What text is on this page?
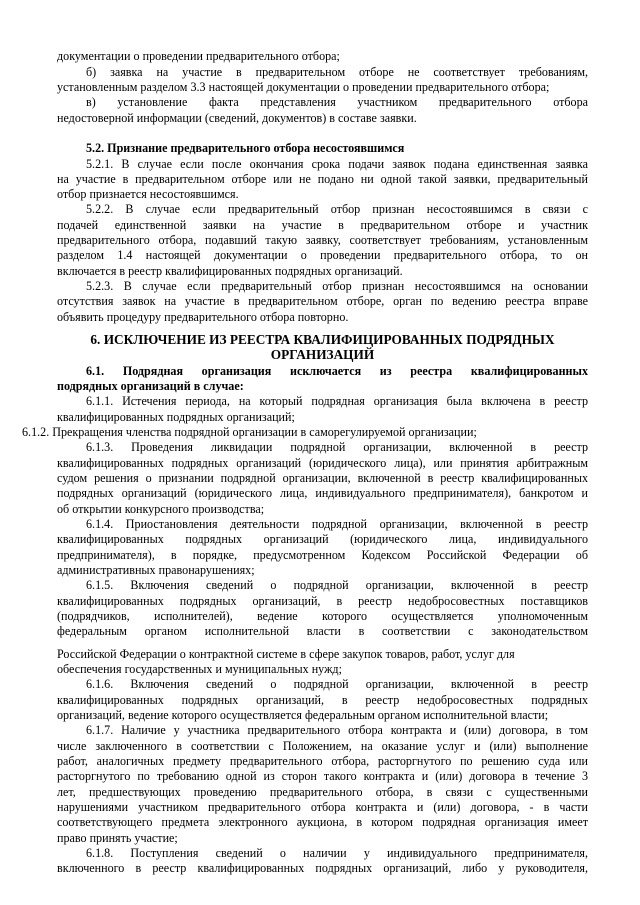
документации о проведении предварительного отбора;
б) заявка на участие в предварительном отборе не соответствует требованиям,
установленным разделом 3.3 настоящей документации о проведении предварительного отбора;
в) установление факта представления участником предварительного отбора
недостоверной информации (сведений, документов) в составе заявки.
5.2. Признание предварительного отбора несостоявшимся
5.2.1. В случае если после окончания срока подачи заявок подана единственная заявка
на участие в предварительном отборе или не подано ни одной такой заявки, предварительный
отбор признается несостоявшимся.
5.2.2. В случае если предварительный отбор признан несостоявшимся в связи с
подачей единственной заявки на участие в предварительном отборе и участник
предварительного отбора, подавший такую заявку, соответствует требованиям, установленным
разделом 1.4 настоящей документации о проведении предварительного отбора, то он
включается в реестр квалифицированных подрядных организаций.
5.2.3. В случае если предварительный отбор признан несостоявшимся на основании
отсутствия заявок на участие в предварительном отборе, орган по ведению реестра вправе
объявить процедуру предварительного отбора повторно.
6. ИСКЛЮЧЕНИЕ ИЗ РЕЕСТРА КВАЛИФИЦИРОВАННЫХ ПОДРЯДНЫХ
ОРГАНИЗАЦИЙ
6.1. Подрядная организация исключается из реестра квалифицированных
подрядных организаций в случае:
6.1.1. Истечения периода, на который подрядная организация была включена в реестр
квалифицированных подрядных организаций;
6.1.2. Прекращения членства подрядной организации в саморегулируемой организации;
6.1.3. Проведения ликвидации подрядной организации, включенной в реестр
квалифицированных подрядных организаций (юридического лица), или принятия арбитражным
судом решения о признании подрядной организации, включенной в реестр квалифицированных
подрядных организаций (юридического лица, индивидуального предпринимателя), банкротом и
об открытии конкурсного производства;
6.1.4. Приостановления деятельности подрядной организации, включенной в реестр
квалифицированных подрядных организаций (юридического лица, индивидуального
предпринимателя), в порядке, предусмотренном Кодексом Российской Федерации об
административных правонарушениях;
6.1.5. Включения сведений о подрядной организации, включенной в реестр
квалифицированных подрядных организаций, в реестр недобросовестных поставщиков
(подрядчиков, исполнителей), ведение которого осуществляется уполномоченным
федеральным органом исполнительной власти в соответствии с законодательством
Российской Федерации о контрактной системе в сфере закупок товаров, работ, услуг для
обеспечения государственных и муниципальных нужд;
6.1.6. Включения сведений о подрядной организации, включенной в реестр
квалифицированных подрядных организаций, в реестр недобросовестных подрядных
организаций, ведение которого осуществляется федеральным органом исполнительной власти;
6.1.7. Наличие у участника предварительного отбора контракта и (или) договора, в том
числе заключенного в соответствии с Положением, на оказание услуг и (или) выполнение
работ, аналогичных предмету предварительного отбора, расторгнутого по решению суда или
расторгнутого по требованию одной из сторон такого контракта и (или) договора в течение 3
лет, предшествующих проведению предварительного отбора, в связи с существенными
нарушениями участником предварительного отбора контракта и (или) договора, - в части
соответствующего предмета электронного аукциона, в котором подрядная организация имеет
право принять участие;
6.1.8. Поступления сведений о наличии у индивидуального предпринимателя,
включенного в реестр квалифицированных подрядных организаций, либо у руководителя,
